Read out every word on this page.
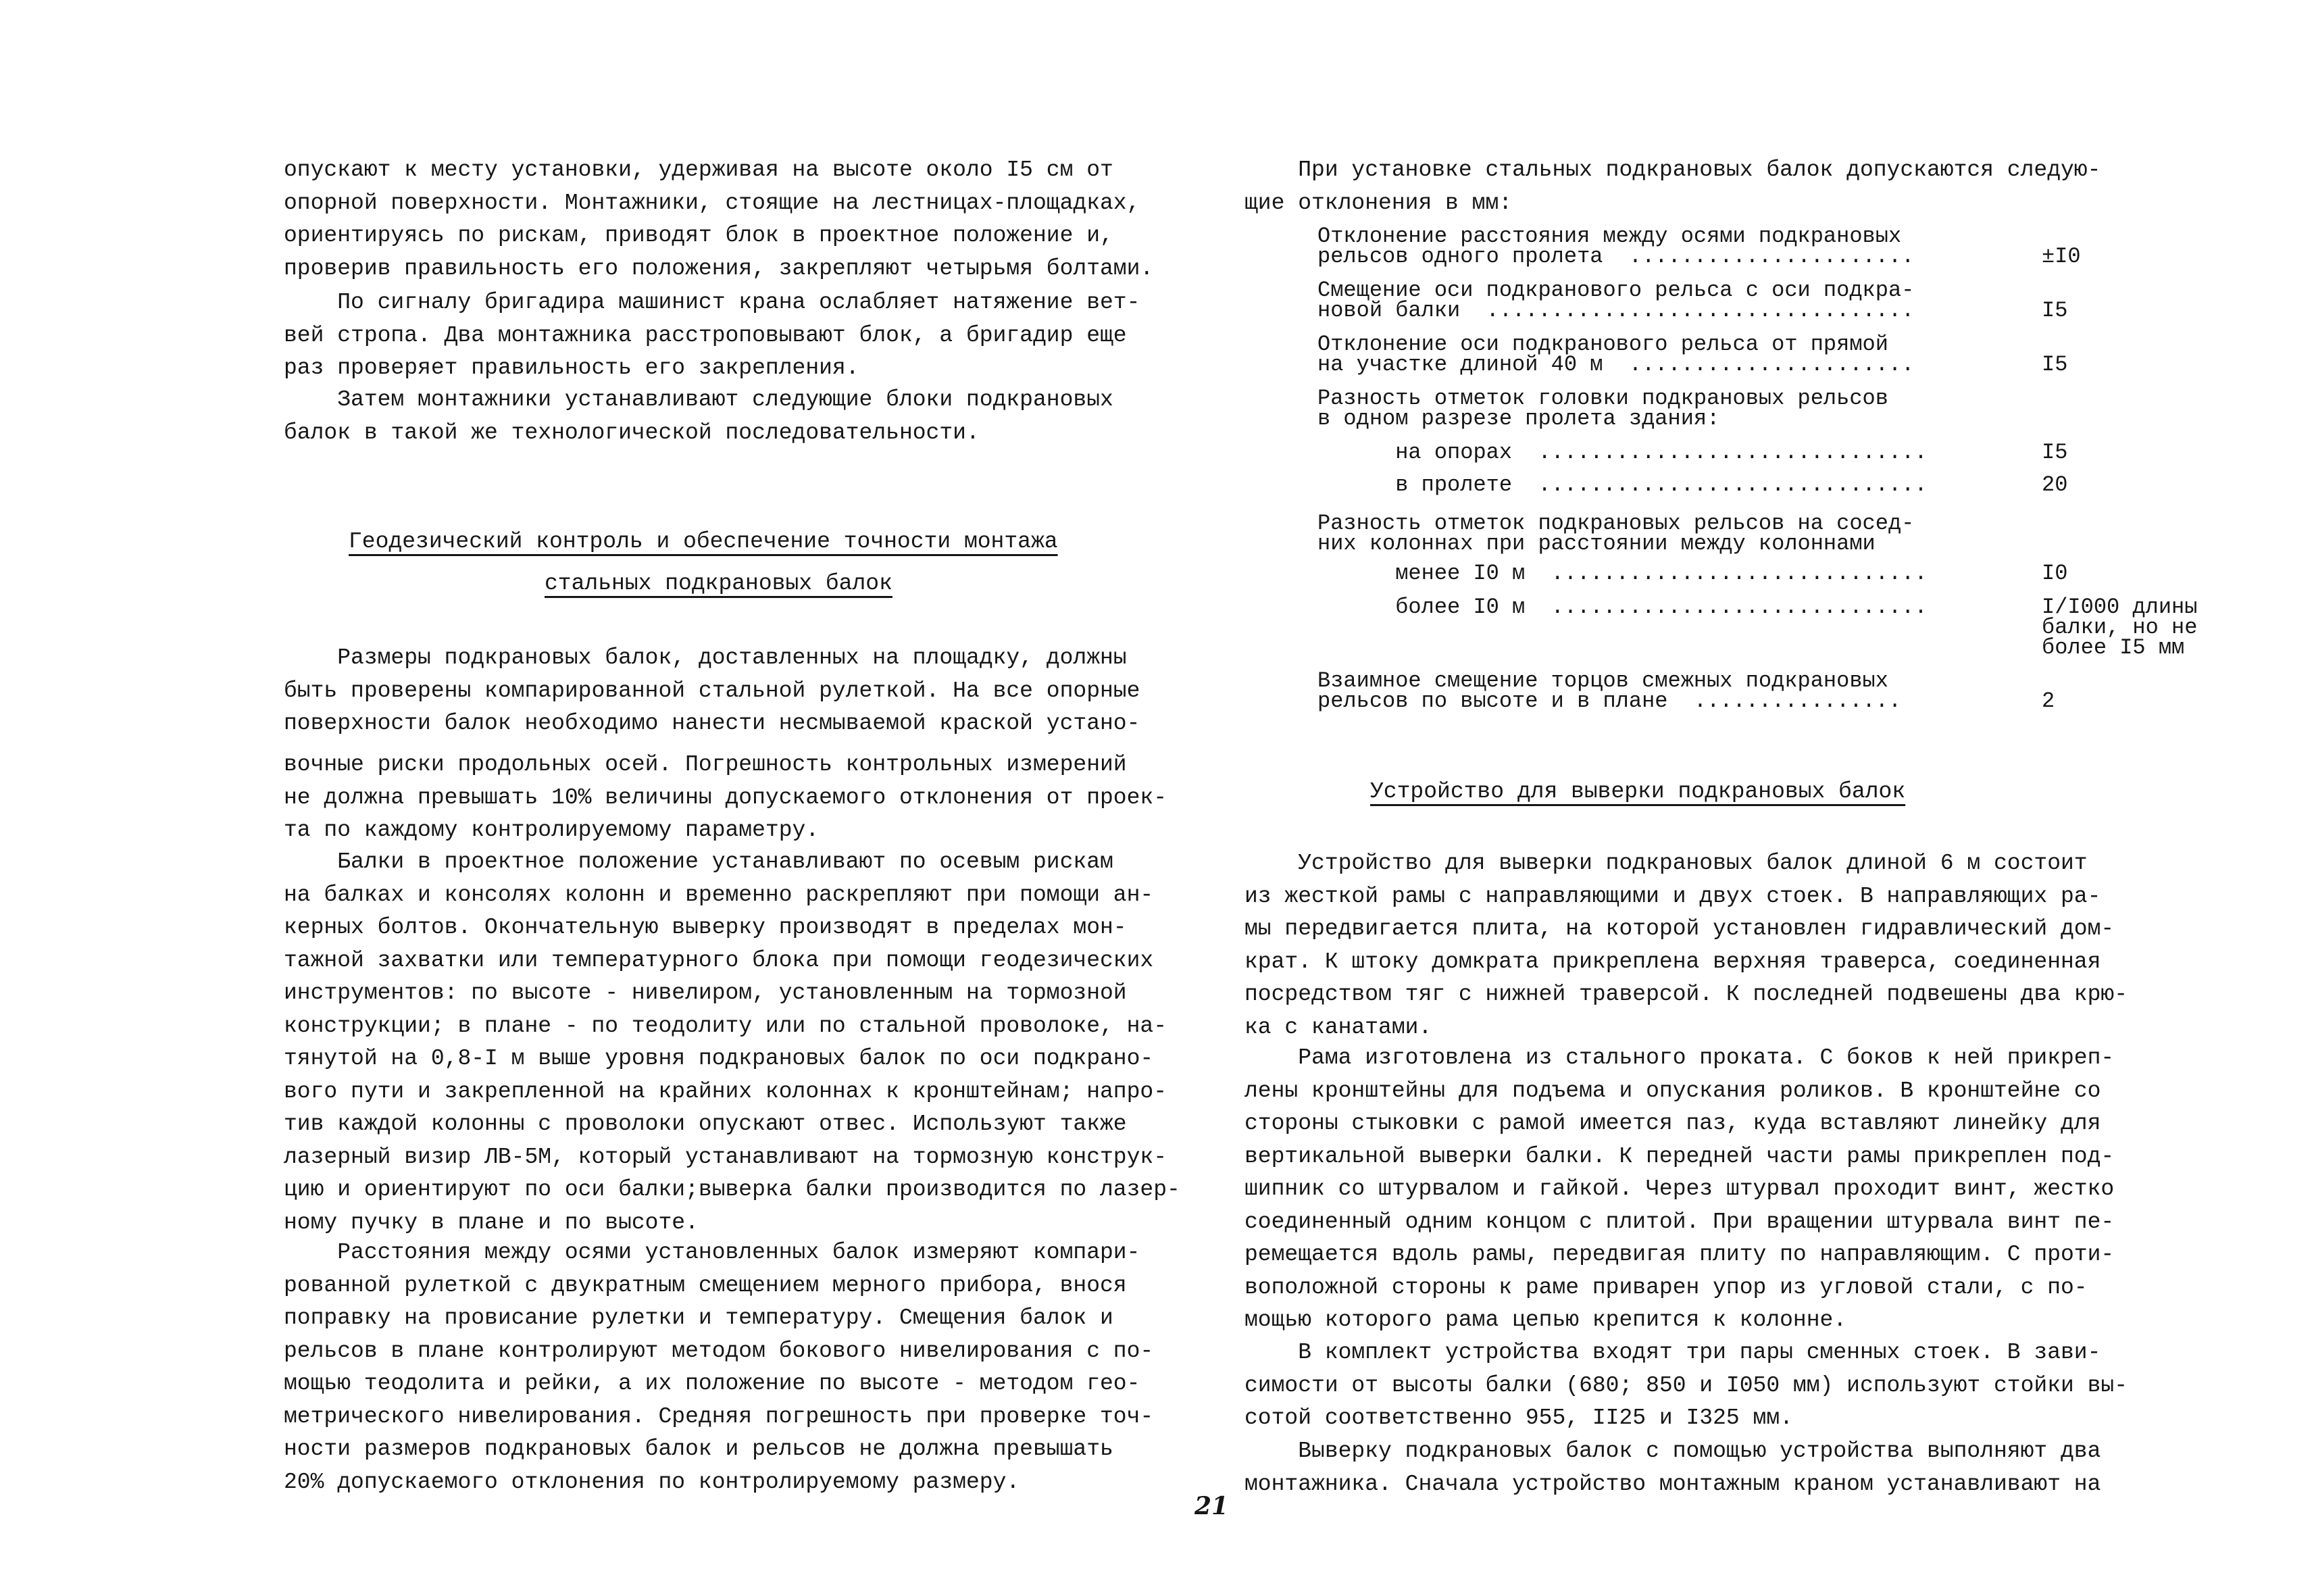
опускают к месту установки, удерживая на высоте около I5 см от
опорной поверхности. Монтажники, стоящие на лестницах-площадках,
ориентируясь по рискам, приводят блок в проектное положение и,
проверив правильность его положения, закрепляют четырьмя болтами.

По сигналу бригадира машинист крана ослабляет натяжение вет-
вей стропа. Два монтажника расстроповывают блок, а бригадир еще
раз проверяет правильность его закрепления.

Затем монтажники устанавливают следующие блоки подкрановых
балок в такой же технологической последовательности.

Геодезический контроль и обеспечение точности монтажа

стальных подкрановых балок

Размеры подкрановых балок, доставленных на площадку, должны
быть проверены компарированной стальной рулеткой. На все опорные
поверхности балок необходимо нанести несмываемой краской устано-

вочные риски продольных осей. Погрешность контрольных измерений
не должна превышать 10% величины допускаемого отклонения от проек-
та по каждому контролируемому параметру.

Балки в проектное положение устанавливают по осевым рискам
на балках и консолях колонн и временно раскрепляют при помощи ан-
керных болтов. Окончательную выверку производят в пределах мон-
тажной захватки или температурного блока при помощи геодезических
инструментов: по высоте - нивелиром, установленным на тормозной
конструкции; в плане - по теодолиту или по стальной проволоке, на-
тянутой на 0,8-I м выше уровня подкрановых балок по оси подкрано-
вого пути и закрепленной на крайних колоннах к кронштейнам; напро-
тив каждой колонны с проволоки опускают отвес. Используют также
лазерный визир ЛВ-5М, который устанавливают на тормозную конструк-
цию и ориентируют по оси балки;выверка балки производится по лазер-
ному пучку в плане и по высоте.

Расстояния между осями установленных балок измеряют компари-
рованной рулеткой с двукратным смещением мерного прибора, внося
поправку на провисание рулетки и температуру. Смещения балок и
рельсов в плане контролируют методом бокового нивелирования с по-
мощью теодолита и рейки, а их положение по высоте - методом гео-
метрического нивелирования. Средняя погрешность при проверке точ-
ности размеров подкрановых балок и рельсов не должна превышать
20% допускаемого отклонения по контролируемому размеру.

При установке стальных подкрановых балок допускаются следую-
щие отклонения в мм:

Отклонение расстояния между осями подкрановых
рельсов одного пролета  ......................	±I0
Смещение оси подкранового рельса с оси подкра-
новой балки  .................................	I5
Отклонение оси подкранового рельса от прямой
на участке длиной 40 м  ......................	I5
Разность отметок головки подкрановых рельсов
в одном разрезе пролета здания:
на опорах  ..............................	I5
в пролете  ..............................	20
Разность отметок подкрановых рельсов на сосед-
них колоннах при расстоянии между колоннами
менее I0 м  .............................	I0
более I0 м  .............................	I/I000 длины
балки, но не
более I5 мм
Взаимное смещение торцов смежных подкрановых
рельсов по высоте и в плане  ................	2

Устройство для выверки подкрановых балок

Устройство для выверки подкрановых балок длиной 6 м состоит
из жесткой рамы с направляющими и двух стоек. В направляющих ра-
мы передвигается плита, на которой установлен гидравлический дом-
крат. К штоку домкрата прикреплена верхняя траверса, соединенная
посредством тяг с нижней траверсой. К последней подвешены два крю-
ка с канатами.

Рама изготовлена из стального проката. С боков к ней прикреп-
лены кронштейны для подъема и опускания роликов. В кронштейне со
стороны стыковки с рамой имеется паз, куда вставляют линейку для
вертикальной выверки балки. К передней части рамы прикреплен под-
шипник со штурвалом и гайкой. Через штурвал проходит винт, жестко
соединенный одним концом с плитой. При вращении штурвала винт пе-
ремещается вдоль рамы, передвигая плиту по направляющим. С проти-
воположной стороны к раме приварен упор из угловой стали, с по-
мощью которого рама цепью крепится к колонне.

В комплект устройства входят три пары сменных стоек. В зави-
симости от высоты балки (680; 850 и I050 мм) используют стойки вы-
сотой соответственно 955, II25 и I325 мм.

Выверку подкрановых балок с помощью устройства выполняют два
монтажника. Сначала устройство монтажным краном устанавливают на

21
